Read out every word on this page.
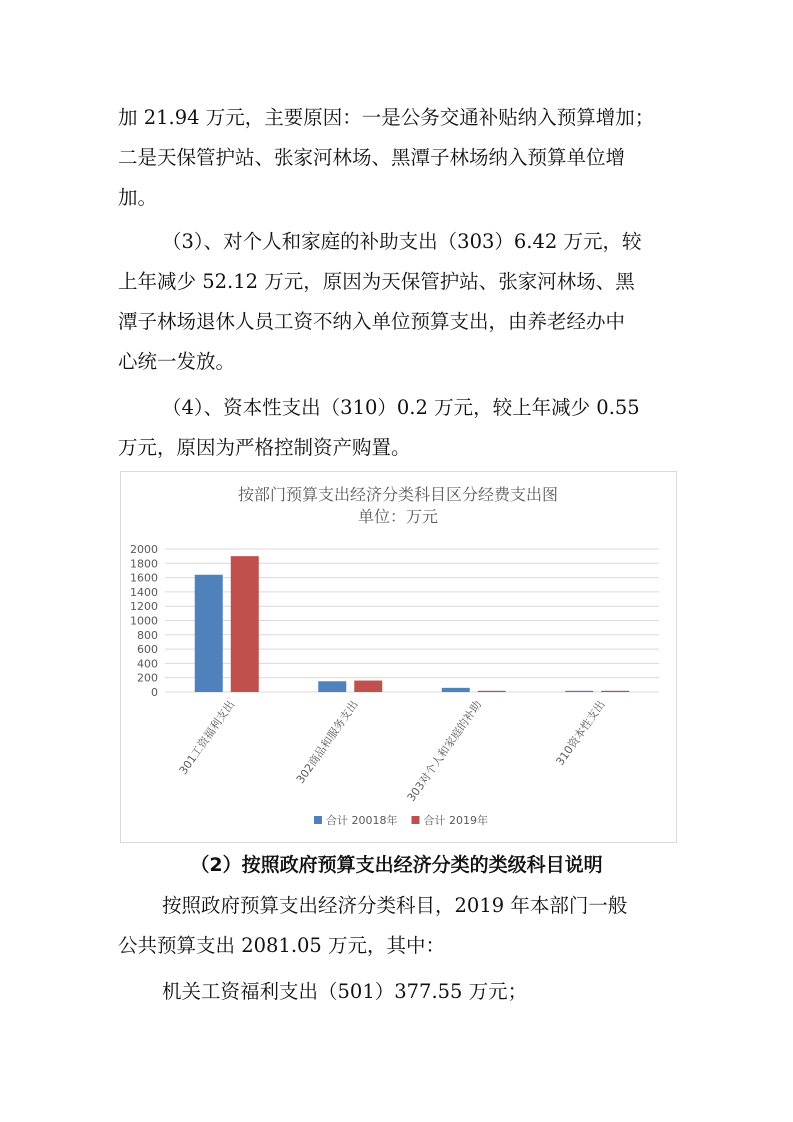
加 21.94 万元，主要原因：一是公务交通补贴纳入预算增加；
二是天保管护站、张家河林场、黑潭子林场纳入预算单位增
加。
（3）、对个人和家庭的补助支出（303）6.42 万元，较
上年减少 52.12 万元，原因为天保管护站、张家河林场、黑
潭子林场退休人员工资不纳入单位预算支出，由养老经办中
心统一发放。
（4）、资本性支出（310）0.2 万元，较上年减少 0.55
万元，原因为严格控制资产购置。
按部门预算支出经济分类科目区分经费支出图
单位：万元
0
200
400
600
800
1000
1200
1400
1600
1800
2000
301工资福利支出	302商品和服务支出	303对个人和家庭的补助	310资本性支出
合计 20018年 合计 2019年
（2）按照政府预算支出经济分类的类级科目说明
按照政府预算支出经济分类科目，2019 年本部门一般
公共预算支出 2081.05 万元，其中：
机关工资福利支出（501）377.55 万元；
